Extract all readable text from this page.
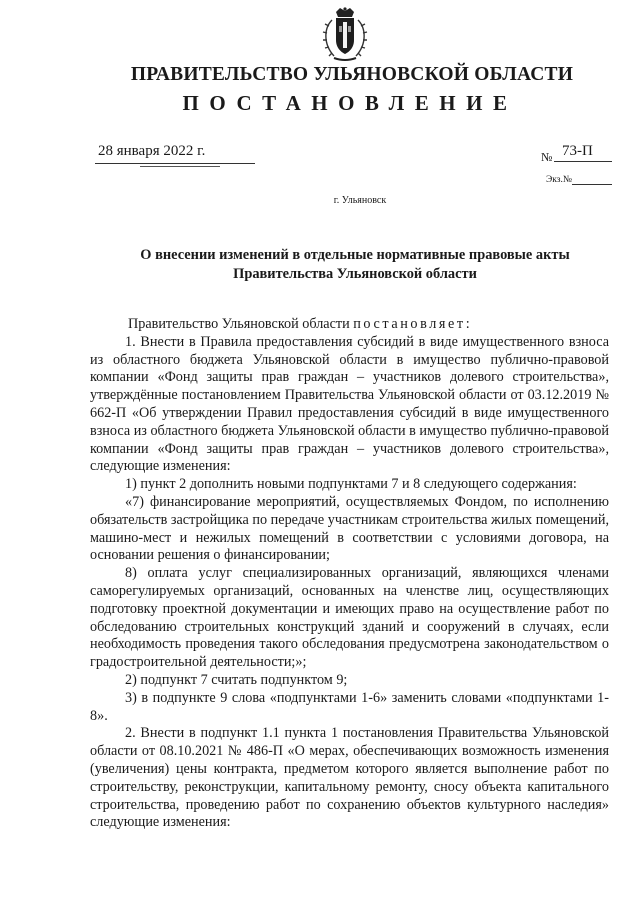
ПРАВИТЕЛЬСТВО УЛЬЯНОВСКОЙ ОБЛАСТИ
ПОСТАНОВЛЕНИЕ
28 января 2022 г.	№ 73-П
Экз.№
г. Ульяновск
О внесении изменений в отдельные нормативные правовые акты
Правительства Ульяновской области

Правительство Ульяновской области постановляет:

1. Внести в Правила предоставления субсидий в виде имущественного взноса из областного бюджета Ульяновской области в имущество публично-правовой компании «Фонд защиты прав граждан – участников долевого строительства», утверждённые постановлением Правительства Ульяновской области от 03.12.2019 № 662-П «Об утверждении Правил предоставления субсидий в виде имущественного взноса из областного бюджета Ульяновской области в имущество публично-правовой компании «Фонд защиты прав граждан – участников долевого строительства», следующие изменения:

1) пункт 2 дополнить новыми подпунктами 7 и 8 следующего содержания:

«7) финансирование мероприятий, осуществляемых Фондом, по исполнению обязательств застройщика по передаче участникам строительства жилых помещений, машино-мест и нежилых помещений в соответствии с условиями договора, на основании решения о финансировании;

8) оплата услуг специализированных организаций, являющихся членами саморегулируемых организаций, основанных на членстве лиц, осуществляющих подготовку проектной документации и имеющих право на осуществление работ по обследованию строительных конструкций зданий и сооружений в случаях, если необходимость проведения такого обследования предусмотрена законодательством о градостроительной деятельности;»;

2) подпункт 7 считать подпунктом 9;

3) в подпункте 9 слова «подпунктами 1-6» заменить словами «подпунктами 1-8».

2. Внести в подпункт 1.1 пункта 1 постановления Правительства Ульяновской области от 08.10.2021 № 486-П «О мерах, обеспечивающих возможность изменения (увеличения) цены контракта, предметом которого является выполнение работ по строительству, реконструкции, капитальному ремонту, сносу объекта капитального строительства, проведению работ по сохранению объектов культурного наследия» следующие изменения:
